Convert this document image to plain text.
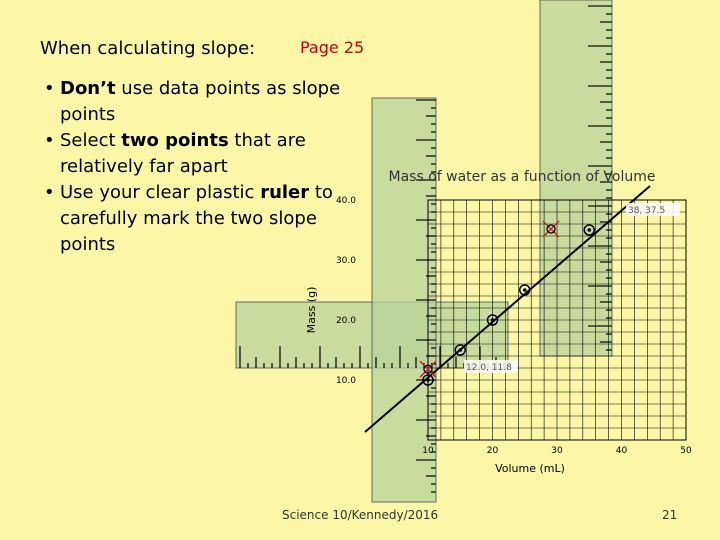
When calculating slope:	Page 25
• Don’t use data points as slope points
• Select two points that are relatively far apart
• Use your clear plastic ruler to carefully mark the two slope points
10	20	30	40	50
10.0
20.0
30.0
40.0
12.0, 11.8
38, 37.5
Mass of water as a function of Volume
Volume (mL)
Mass (g)
Science 10/Kennedy/2016	21
